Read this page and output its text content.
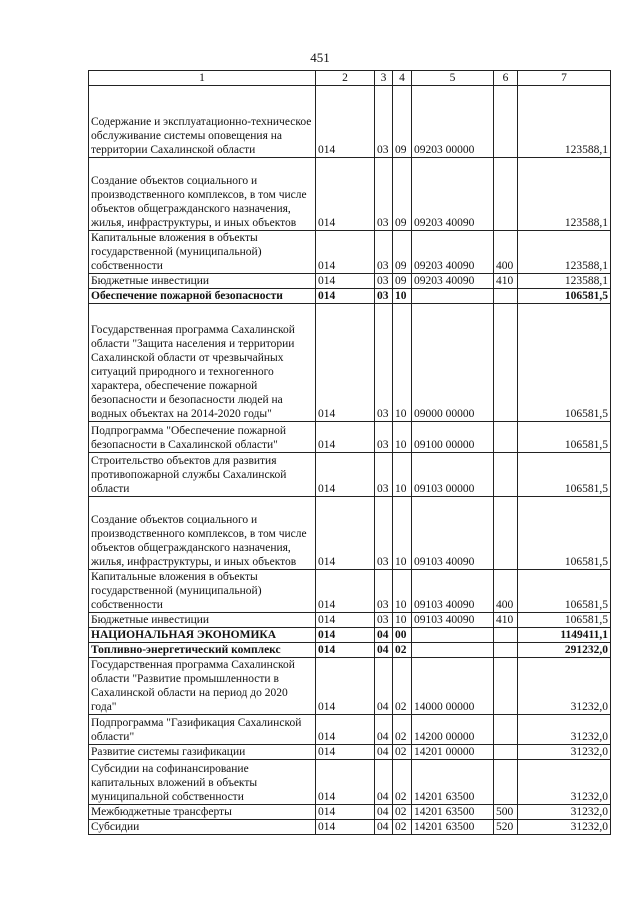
451
1	2	3	4	5	6	7
Содержание и эксплуатационно-техническое обслуживание системы оповещения на территории Сахалинской области	014	03	09	09203 00000		123588,1
Создание объектов социального и производственного комплексов, в том числе объектов общегражданского назначения, жилья, инфраструктуры, и иных объектов	014	03	09	09203 40090		123588,1
Капитальные вложения в объекты государственной (муниципальной) собственности	014	03	09	09203 40090	400	123588,1
Бюджетные инвестиции	014	03	09	09203 40090	410	123588,1
Обеспечение пожарной безопасности	014	03	10			106581,5
Государственная программа Сахалинской области "Защита населения и территории Сахалинской области от чрезвычайных ситуаций природного и техногенного характера, обеспечение пожарной безопасности и безопасности людей на водных объектах на 2014-2020 годы"	014	03	10	09000 00000		106581,5
Подпрограмма "Обеспечение пожарной безопасности в Сахалинской области"	014	03	10	09100 00000		106581,5
Строительство объектов для развития противопожарной службы Сахалинской области	014	03	10	09103 00000		106581,5
Создание объектов социального и производственного комплексов, в том числе объектов общегражданского назначения, жилья, инфраструктуры, и иных объектов	014	03	10	09103 40090		106581,5
Капитальные вложения в объекты государственной (муниципальной) собственности	014	03	10	09103 40090	400	106581,5
Бюджетные инвестиции	014	03	10	09103 40090	410	106581,5
НАЦИОНАЛЬНАЯ ЭКОНОМИКА	014	04	00			1149411,1
Топливно-энергетический комплекс	014	04	02			291232,0
Государственная программа Сахалинской области "Развитие промышленности в Сахалинской области на период до 2020 года"	014	04	02	14000 00000		31232,0
Подпрограмма "Газификация Сахалинской области"	014	04	02	14200 00000		31232,0
Развитие системы газификации	014	04	02	14201 00000		31232,0
Субсидии на софинансирование капитальных вложений в объекты муниципальной собственности	014	04	02	14201 63500		31232,0
Межбюджетные трансферты	014	04	02	14201 63500	500	31232,0
Субсидии	014	04	02	14201 63500	520	31232,0
